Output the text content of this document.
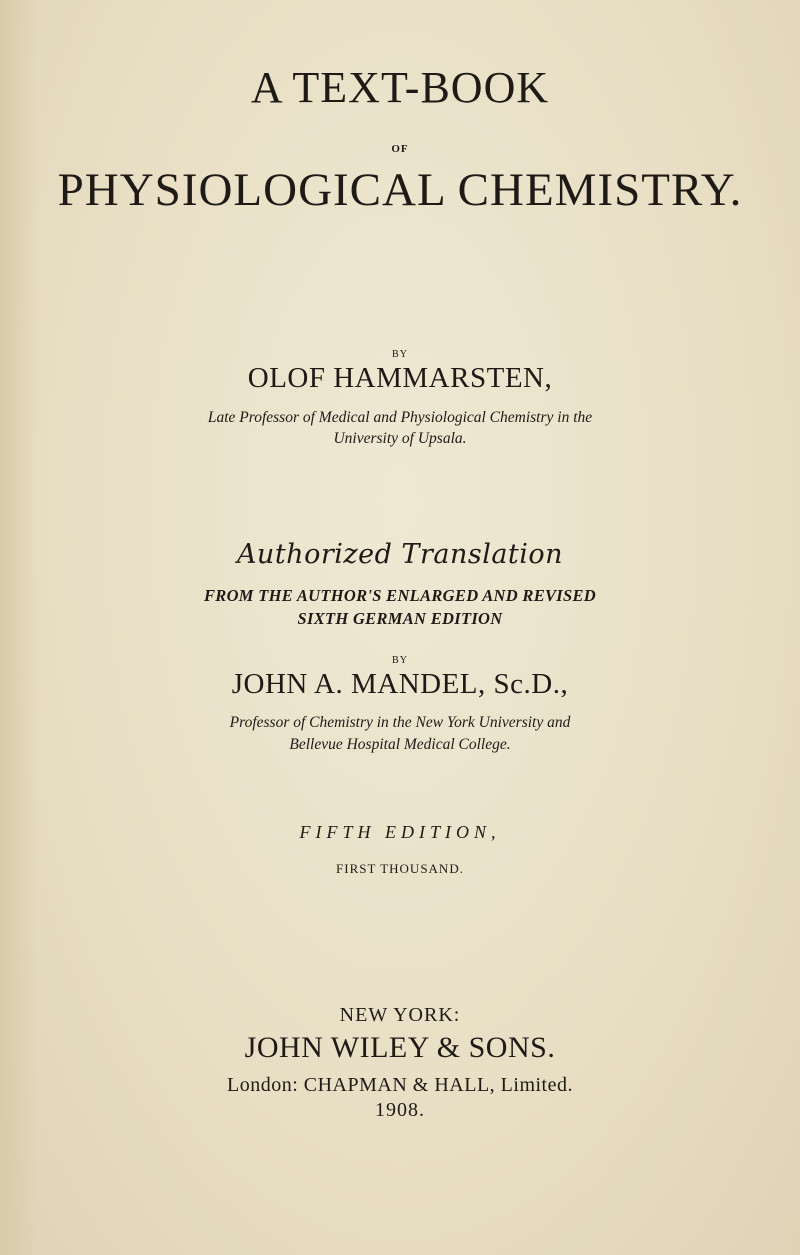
A TEXT-BOOK
OF
PHYSIOLOGICAL CHEMISTRY.
BY
OLOF HAMMARSTEN,
Late Professor of Medical and Physiological Chemistry in the
University of Upsala.
Authorized Translation
FROM THE AUTHOR'S ENLARGED AND REVISED
SIXTH GERMAN EDITION
BY
JOHN A. MANDEL, Sc.D.,
Professor of Chemistry in the New York University and
Bellevue Hospital Medical College.
FIFTH EDITION,
FIRST THOUSAND.
NEW YORK:
JOHN WILEY & SONS.
London: CHAPMAN & HALL, Limited.
1908.
